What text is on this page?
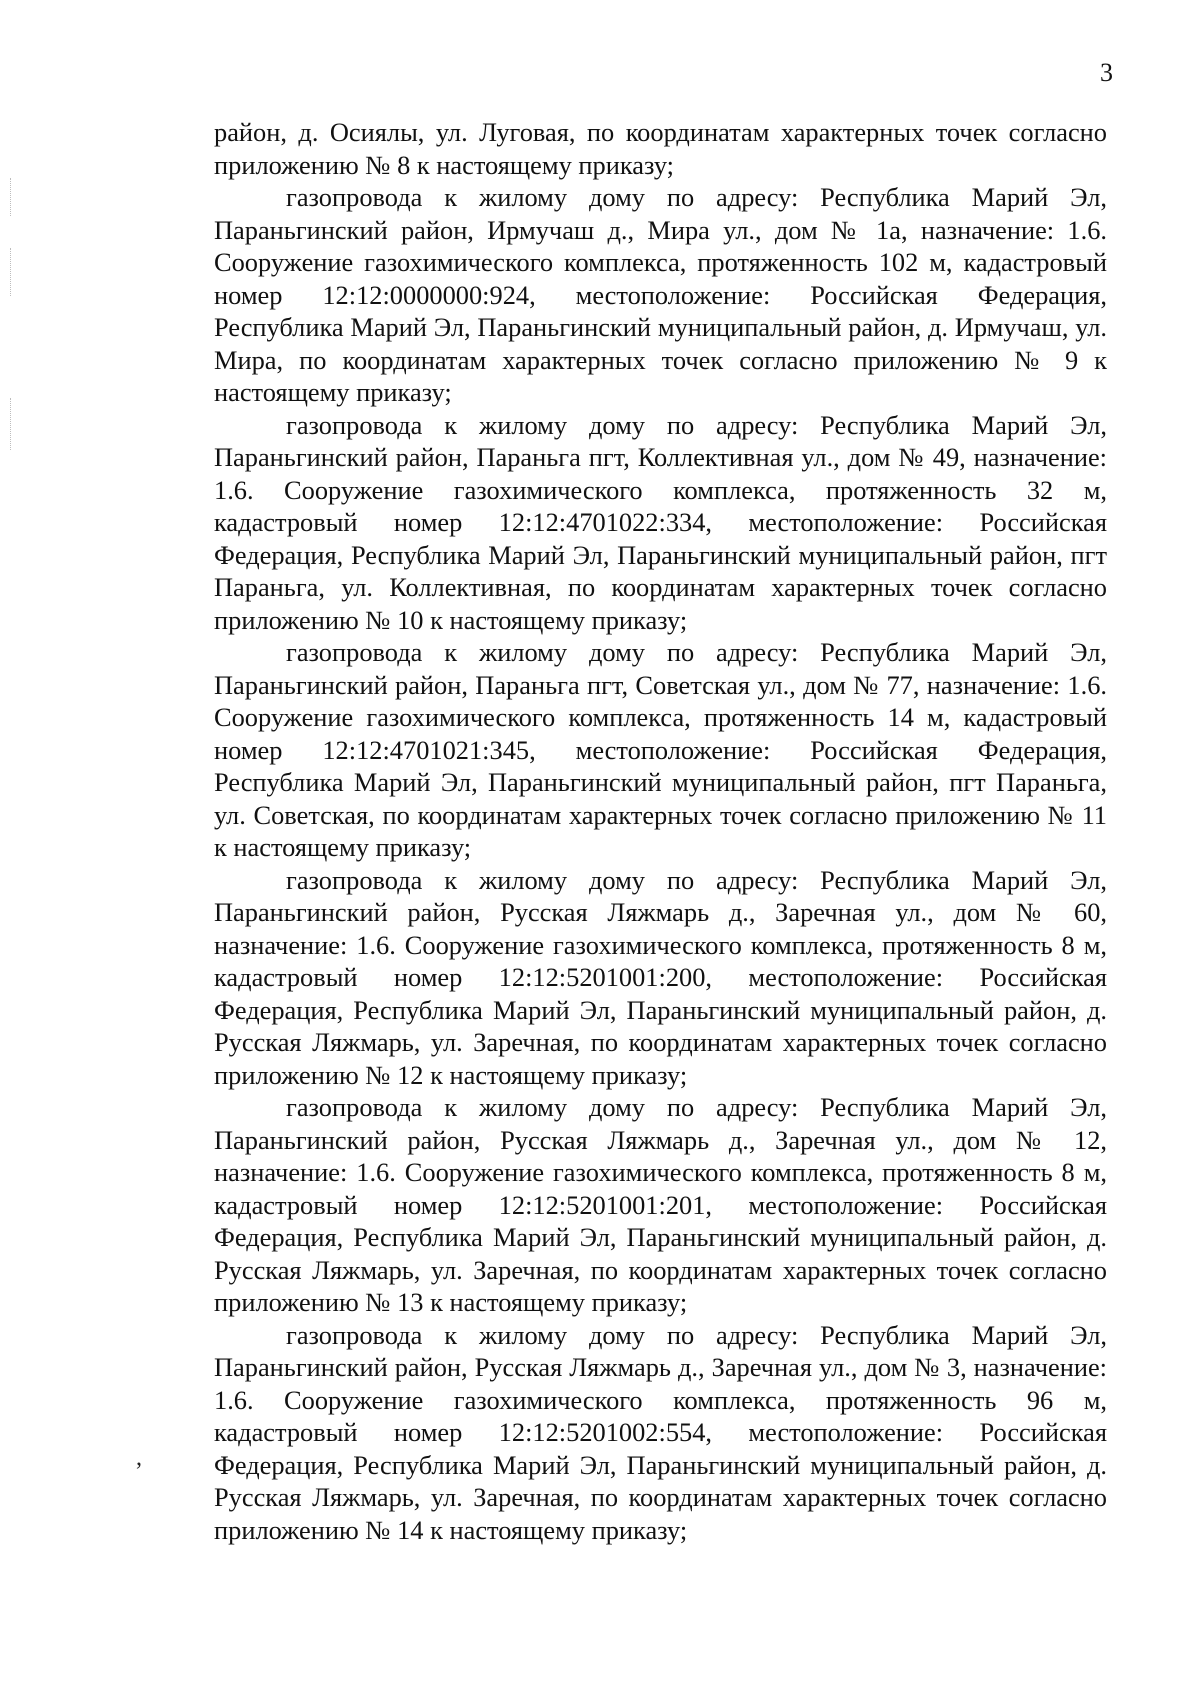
3

район, д. Осиялы, ул. Луговая, по координатам характерных точек согласно приложению № 8 к настоящему приказу;

газопровода к жилому дому по адресу: Республика Марий Эл, Параньгинский район, Ирмучаш д., Мира ул., дом № 1а, назначение: 1.6. Сооружение газохимического комплекса, протяженность 102 м, кадастровый номер 12:12:0000000:924, местоположение: Российская Федерация, Республика Марий Эл, Параньгинский муниципальный район, д. Ирмучаш, ул. Мира, по координатам характерных точек согласно приложению № 9 к настоящему приказу;

газопровода к жилому дому по адресу: Республика Марий Эл, Параньгинский район, Параньга пгт, Коллективная ул., дом № 49, назначение: 1.6. Сооружение газохимического комплекса, протяженность 32 м, кадастровый номер 12:12:4701022:334, местоположение: Российская Федерация, Республика Марий Эл, Параньгинский муниципальный район, пгт Параньга, ул. Коллективная, по координатам характерных точек согласно приложению № 10 к настоящему приказу;

газопровода к жилому дому по адресу: Республика Марий Эл, Параньгинский район, Параньга пгт, Советская ул., дом № 77, назначение: 1.6. Сооружение газохимического комплекса, протяженность 14 м, кадастровый номер 12:12:4701021:345, местоположение: Российская Федерация, Республика Марий Эл, Параньгинский муниципальный район, пгт Параньга, ул. Советская, по координатам характерных точек согласно приложению № 11 к настоящему приказу;

газопровода к жилому дому по адресу: Республика Марий Эл, Параньгинский район, Русская Ляжмарь д., Заречная ул., дом № 60, назначение: 1.6. Сооружение газохимического комплекса, протяженность 8 м, кадастровый номер 12:12:5201001:200, местоположение: Российская Федерация, Республика Марий Эл, Параньгинский муниципальный район, д. Русская Ляжмарь, ул. Заречная, по координатам характерных точек согласно приложению № 12 к настоящему приказу;

газопровода к жилому дому по адресу: Республика Марий Эл, Параньгинский район, Русская Ляжмарь д., Заречная ул., дом № 12, назначение: 1.6. Сооружение газохимического комплекса, протяженность 8 м, кадастровый номер 12:12:5201001:201, местоположение: Российская Федерация, Республика Марий Эл, Параньгинский муниципальный район, д. Русская Ляжмарь, ул. Заречная, по координатам характерных точек согласно приложению № 13 к настоящему приказу;

газопровода к жилому дому по адресу: Республика Марий Эл, Параньгинский район, Русская Ляжмарь д., Заречная ул., дом № 3, назначение: 1.6. Сооружение газохимического комплекса, протяженность 96 м, кадастровый номер 12:12:5201002:554, местоположение: Российская Федерация, Республика Марий Эл, Параньгинский муниципальный район, д. Русская Ляжмарь, ул. Заречная, по координатам характерных точек согласно приложению № 14 к настоящему приказу;

,
